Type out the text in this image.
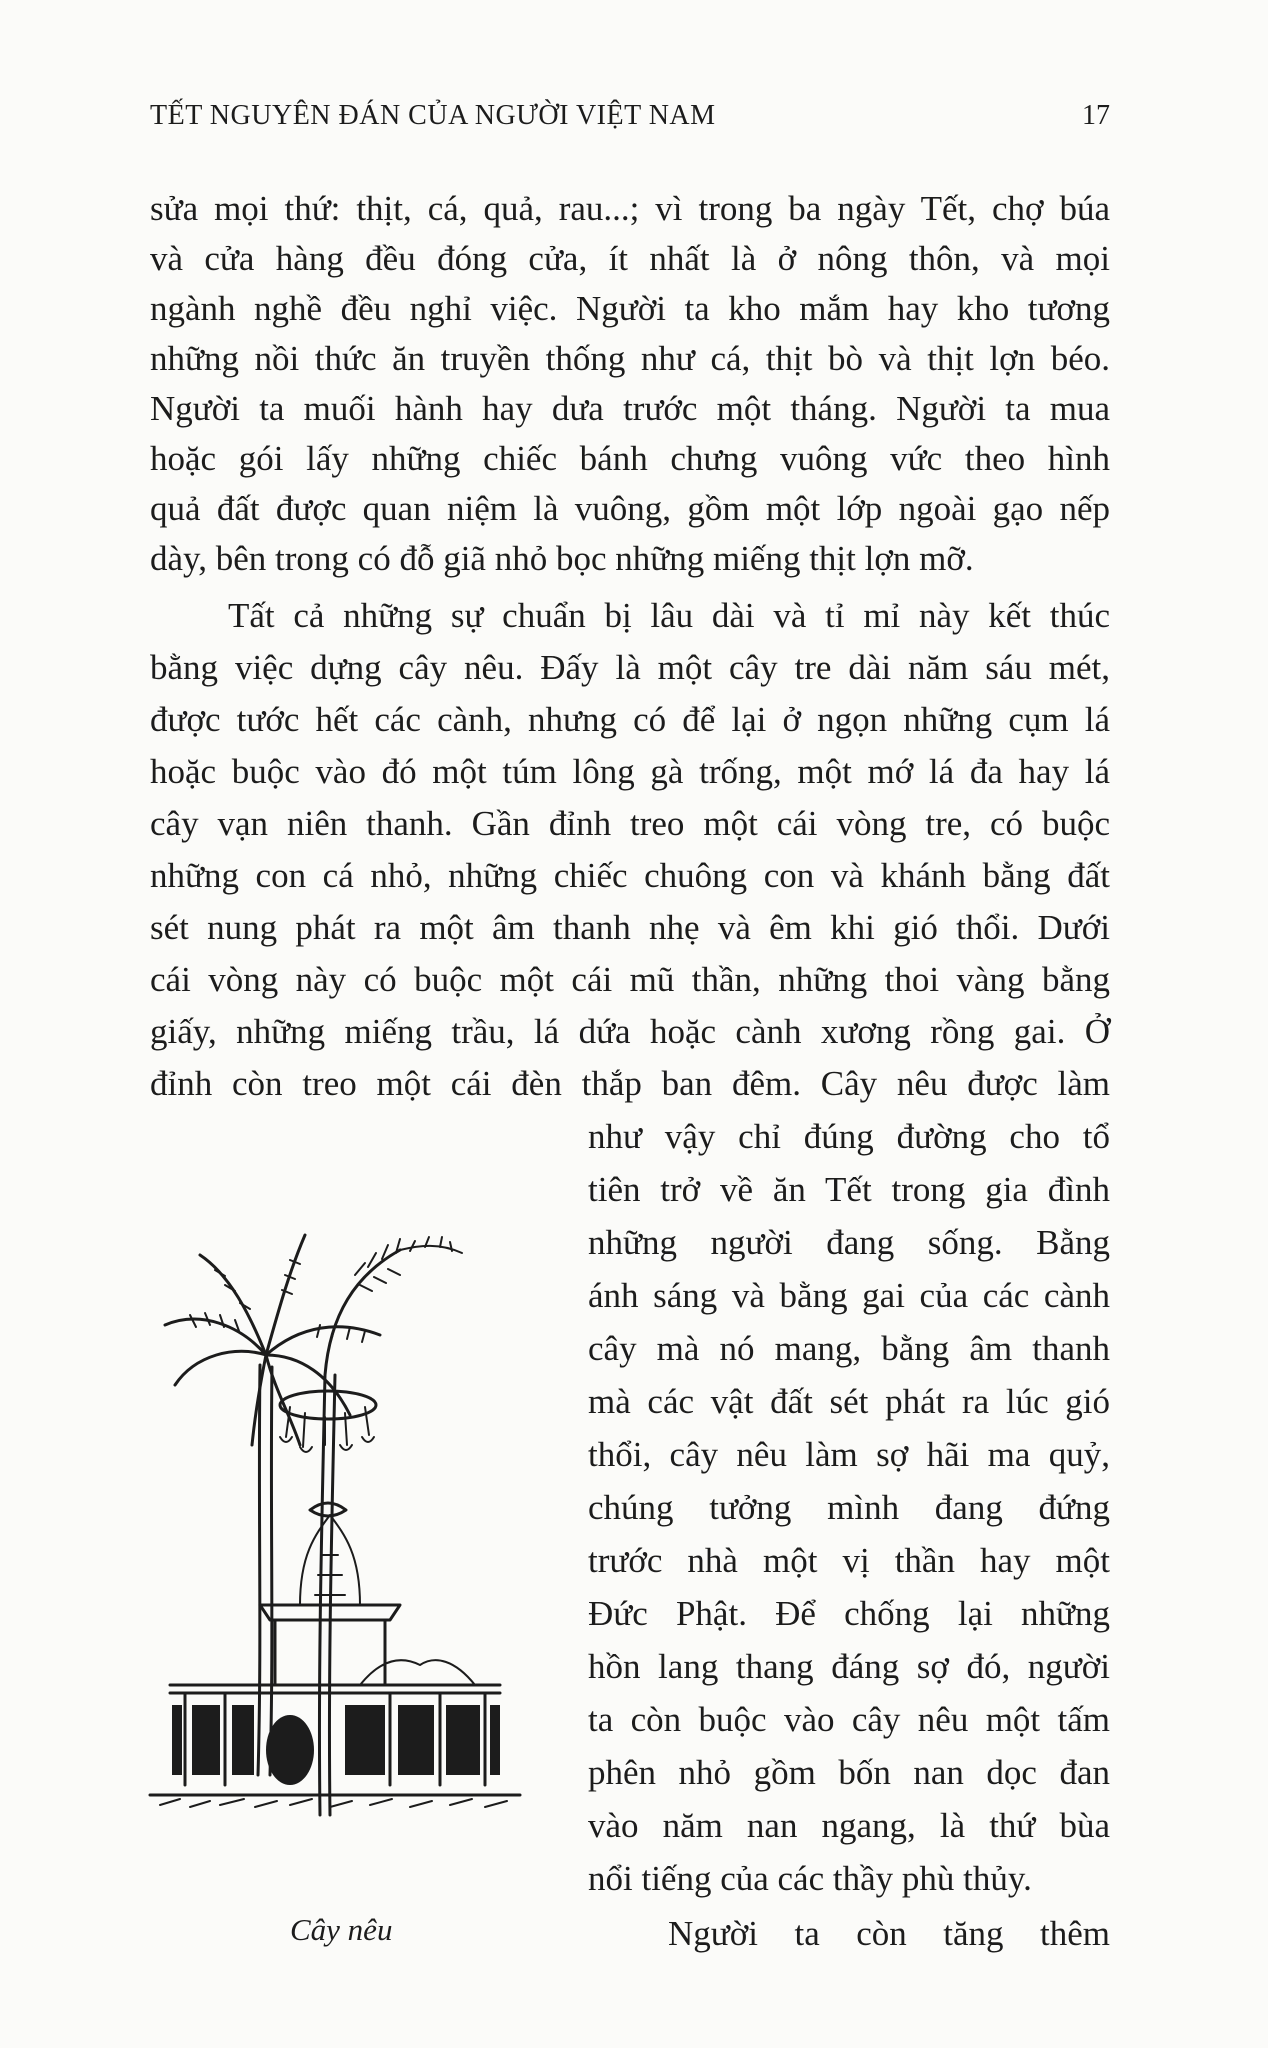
TẾT NGUYÊN ĐÁN CỦA NGƯỜI VIỆT NAM	17
sửa mọi thứ: thịt, cá, quả, rau...; vì trong ba ngày Tết, chợ búa
và cửa hàng đều đóng cửa, ít nhất là ở nông thôn, và mọi
ngành nghề đều nghỉ việc. Người ta kho mắm hay kho tương
những nồi thức ăn truyền thống như cá, thịt bò và thịt lợn béo.
Người ta muối hành hay dưa trước một tháng. Người ta mua
hoặc gói lấy những chiếc bánh chưng vuông vức theo hình
quả đất được quan niệm là vuông, gồm một lớp ngoài gạo nếp
dày, bên trong có đỗ giã nhỏ bọc những miếng thịt lợn mỡ.
Tất cả những sự chuẩn bị lâu dài và tỉ mỉ này kết thúc
bằng việc dựng cây nêu. Đấy là một cây tre dài năm sáu mét,
được tước hết các cành, nhưng có để lại ở ngọn những cụm lá
hoặc buộc vào đó một túm lông gà trống, một mớ lá đa hay lá
cây vạn niên thanh. Gần đỉnh treo một cái vòng tre, có buộc
những con cá nhỏ, những chiếc chuông con và khánh bằng đất
sét nung phát ra một âm thanh nhẹ và êm khi gió thổi. Dưới
cái vòng này có buộc một cái mũ thần, những thoi vàng bằng
giấy, những miếng trầu, lá dứa hoặc cành xương rồng gai. Ở
đỉnh còn treo một cái đèn thắp ban đêm. Cây nêu được làm
như vậy chỉ đúng đường cho tổ
tiên trở về ăn Tết trong gia đình
những người đang sống. Bằng
ánh sáng và bằng gai của các cành
cây mà nó mang, bằng âm thanh
mà các vật đất sét phát ra lúc gió
thổi, cây nêu làm sợ hãi ma quỷ,
chúng tưởng mình đang đứng
trước nhà một vị thần hay một
Đức Phật. Để chống lại những
hồn lang thang đáng sợ đó, người
ta còn buộc vào cây nêu một tấm
phên nhỏ gồm bốn nan dọc đan
vào năm nan ngang, là thứ bùa
nổi tiếng của các thầy phù thủy.
Người ta còn tăng thêm
Cây nêu
